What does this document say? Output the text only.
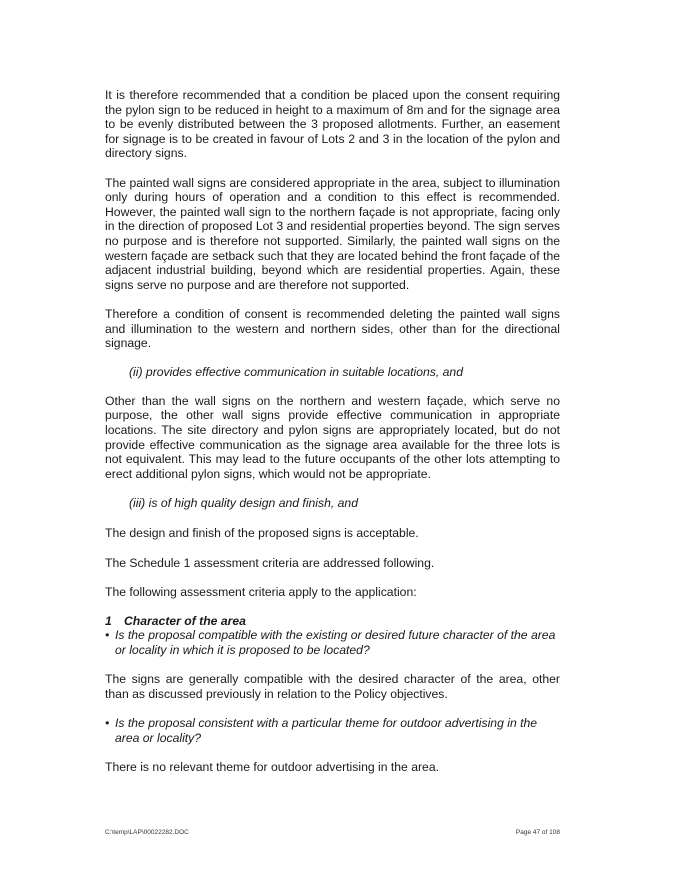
It is therefore recommended that a condition be placed upon the consent requiring the pylon sign to be reduced in height to a maximum of 8m and for the signage area to be evenly distributed between the 3 proposed allotments. Further, an easement for signage is to be created in favour of Lots 2 and 3 in the location of the pylon and directory signs.

The painted wall signs are considered appropriate in the area, subject to illumination only during hours of operation and a condition to this effect is recommended. However, the painted wall sign to the northern façade is not appropriate, facing only in the direction of proposed Lot 3 and residential properties beyond. The sign serves no purpose and is therefore not supported. Similarly, the painted wall signs on the western façade are setback such that they are located behind the front façade of the adjacent industrial building, beyond which are residential properties. Again, these signs serve no purpose and are therefore not supported.

Therefore a condition of consent is recommended deleting the painted wall signs and illumination to the western and northern sides, other than for the directional signage.

(ii) provides effective communication in suitable locations, and

Other than the wall signs on the northern and western façade, which serve no purpose, the other wall signs provide effective communication in appropriate locations. The site directory and pylon signs are appropriately located, but do not provide effective communication as the signage area available for the three lots is not equivalent. This may lead to the future occupants of the other lots attempting to erect additional pylon signs, which would not be appropriate.

(iii) is of high quality design and finish, and

The design and finish of the proposed signs is acceptable.

The Schedule 1 assessment criteria are addressed following.

The following assessment criteria apply to the application:

1 Character of the area

• Is the proposal compatible with the existing or desired future character of the area or locality in which it is proposed to be located?

The signs are generally compatible with the desired character of the area, other than as discussed previously in relation to the Policy objectives.

• Is the proposal consistent with a particular theme for outdoor advertising in the area or locality?

There is no relevant theme for outdoor advertising in the area.

C:\temp\LAP\00022282.DOC	Page 47 of 108
